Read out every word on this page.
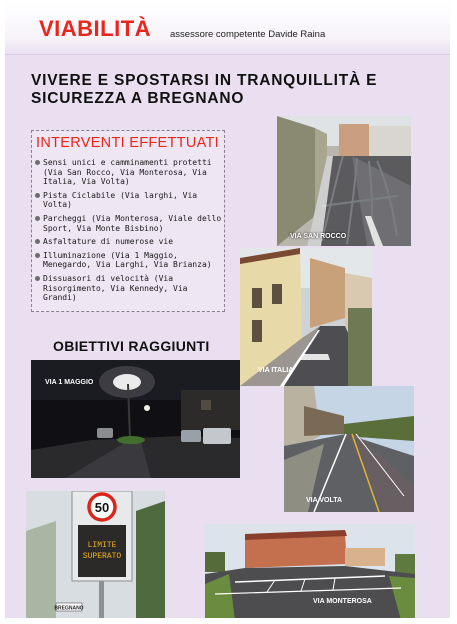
VIABILITÀ assessore competente Davide Raina
VIVERE E SPOSTARSI IN TRANQUILLITÀ E
SICUREZZA A BREGNANO
INTERVENTI EFFETTUATI
Sensi unici e camminamenti protetti (Via San Rocco, Via Monterosa, Via Italia, Via Volta)
Pista Ciclabile (Via larghi, Via Volta)
Parcheggi (Via Monterosa, Viale dello Sport, Via Monte Bisbino)
Asfaltature di numerose vie
Illuminazione (Via 1 Maggio, Menegardo, Via Larghi, Via Brianza)
Dissuasori di velocità (Via Risorgimento, Via Kennedy, Via Grandi)
OBIETTIVI RAGGIUNTI
VIA SAN ROCCO
VIA ITALIA
VIA 1 MAGGIO
VIA VOLTA
50
LIMITE
SUPERATO
BREGNANO
VIA MONTEROSA
